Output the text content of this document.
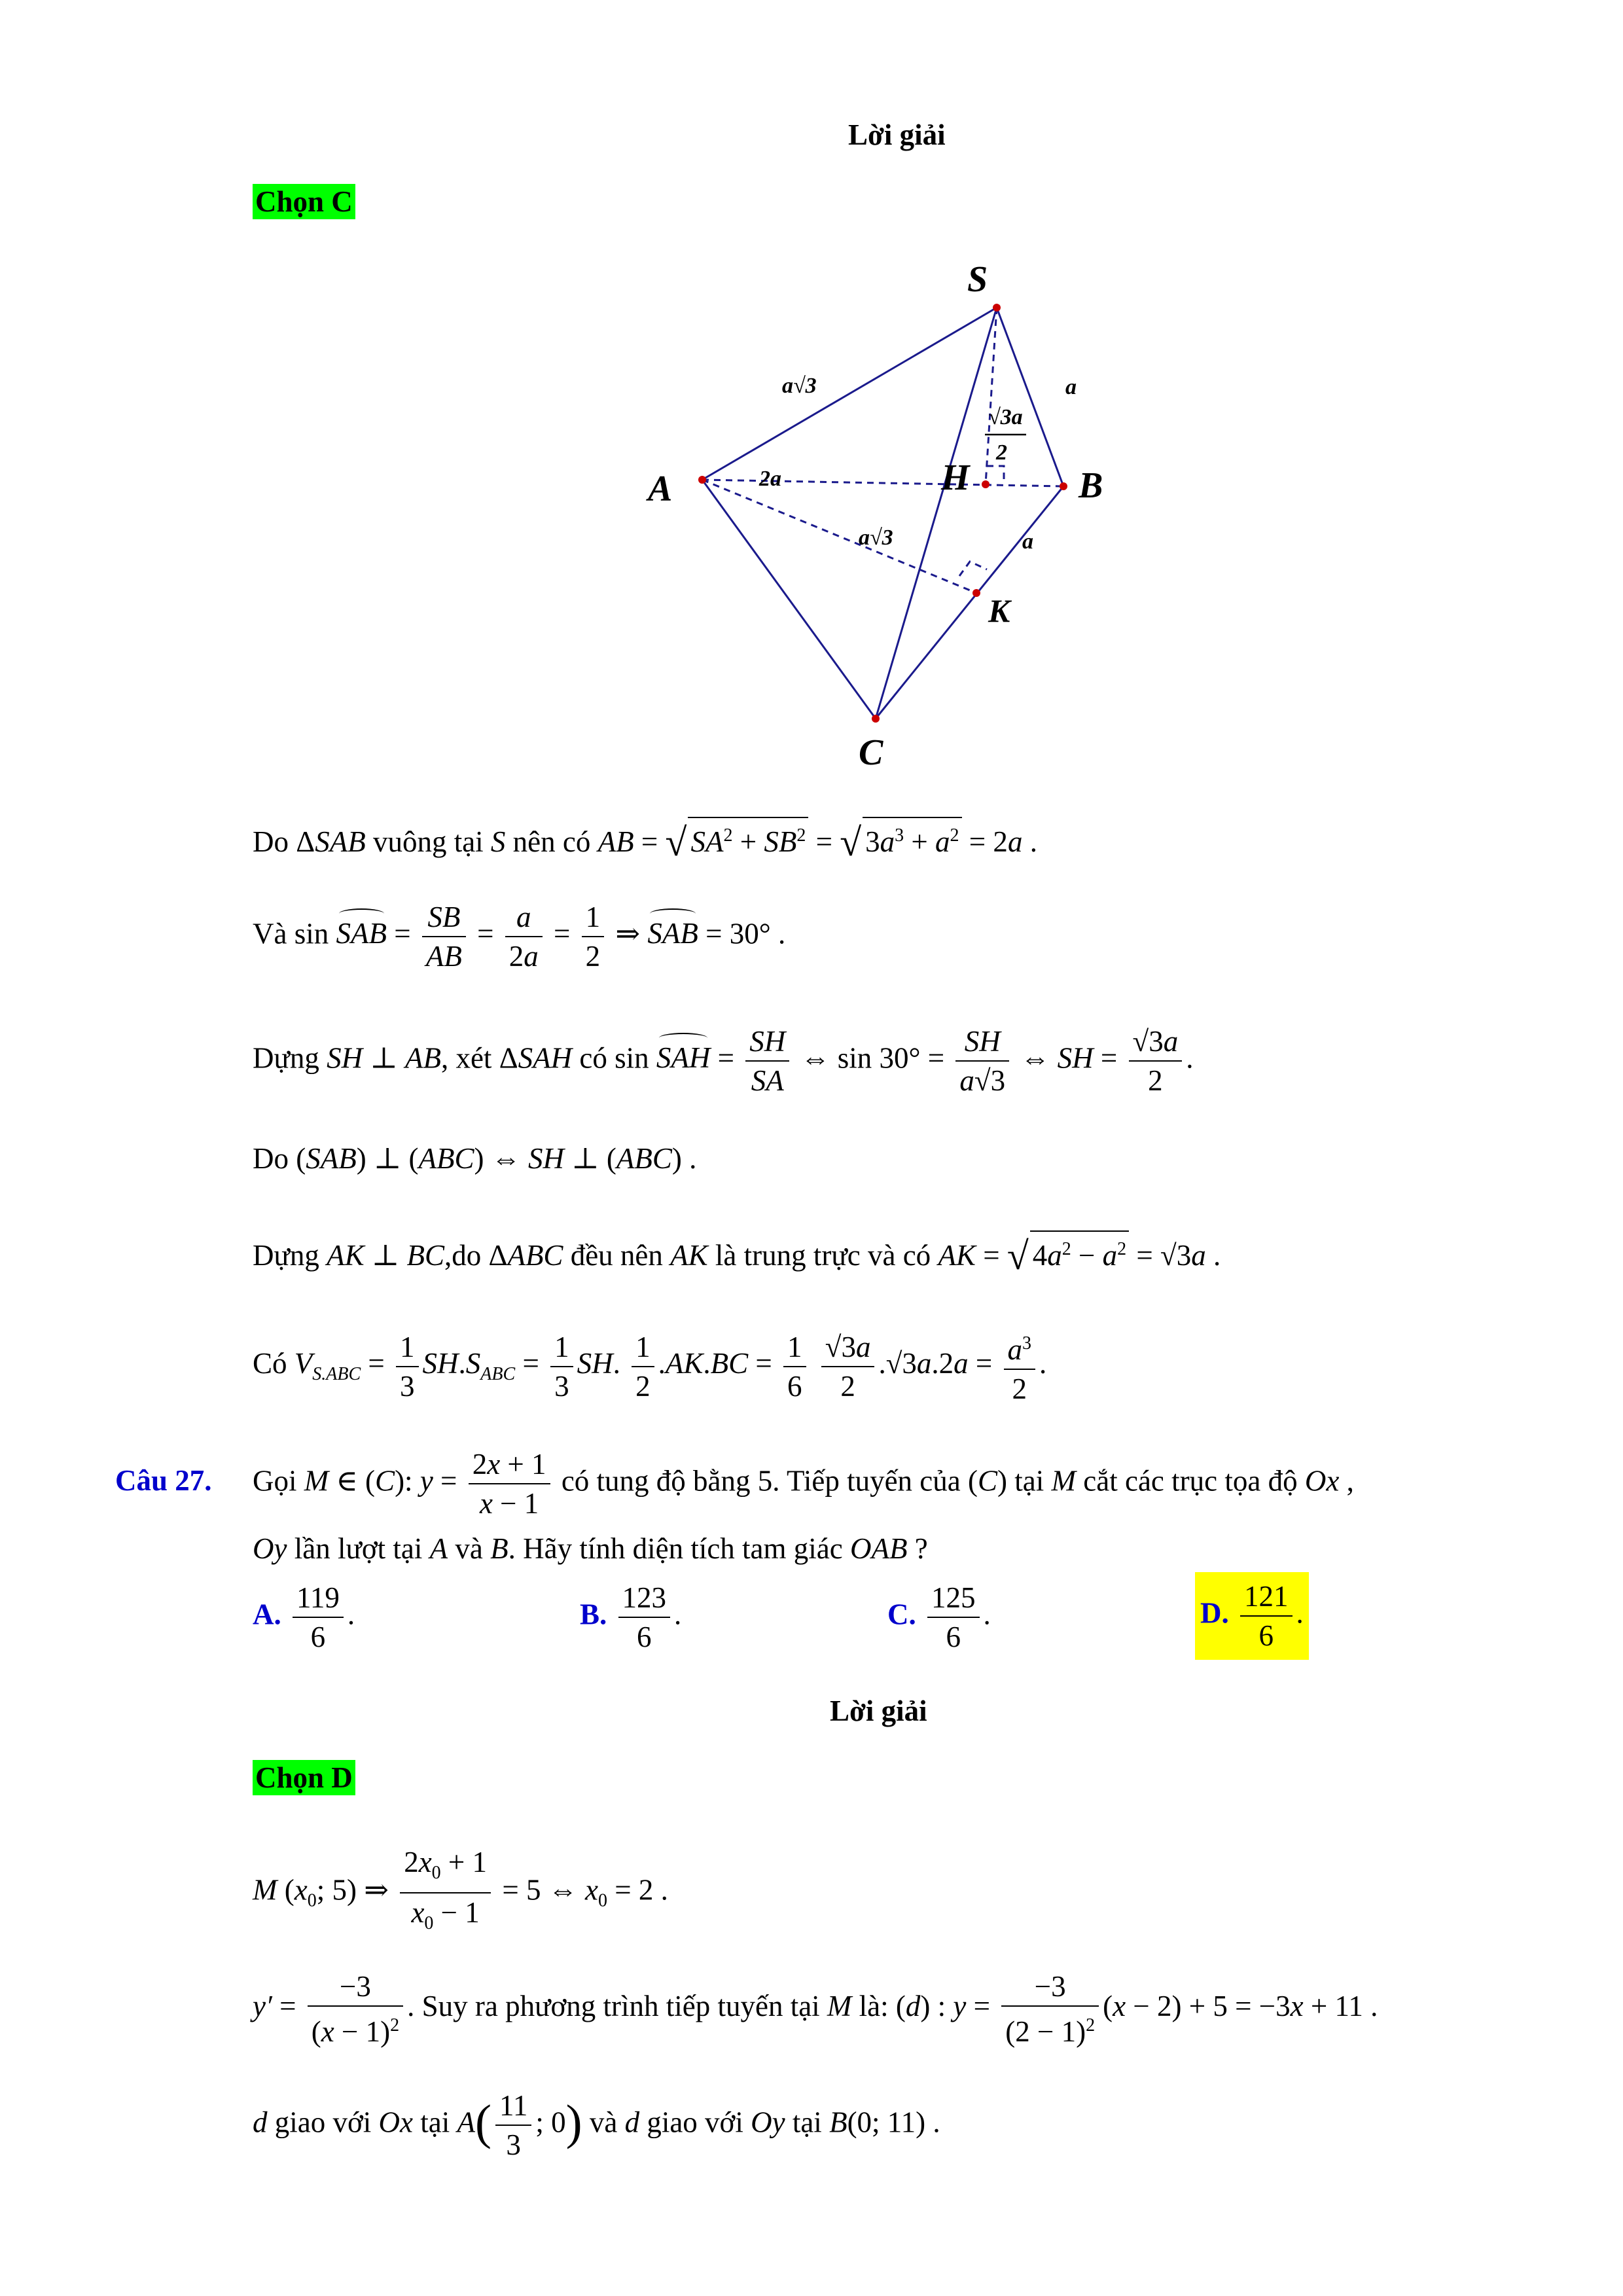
Lời giải
Chọn C
S
A	B
C
H
K
a√3	a
2a
a√3	a
√3a
2
Do ΔSAB vuông tại S nên có AB = √ $SA^2 + SB^2$ = √ $3a^3 + a^2 = 2a$ .
Và sin SAB = $\frac{SB}{AB} = \frac{a}{2a} = \frac{1}{2}$ ⇒ SAB = 30° .
Dựng SH ⊥ AB, xét ΔSAH có sin SAH = $\frac{SH}{SA}$ ⇔ $\sin 30^\circ = \frac{SH}{a√3}$ ⇔ SH = $\frac{√3a}{2}$ .
Do (SAB) ⊥ (ABC) ⇔ SH ⊥ (ABC) .
Dựng AK ⊥ BC,do ΔABC đều nên AK là trung trực và có AK = √ $4a^2 - a^2 = √3a$ .
Có $V_{S.ABC} = \frac{1}{3} SH.S_{ABC} = \frac{1}{3}$ SH. $\frac{1}{2} .AK.BC = \frac{1}{6}$
$\frac{√3a}{2} .√3a.2a = \frac{a^3}{2}$ .
Câu 27. Gọi M ∈ (C): $y = \frac{2x + 1}{x - 1}$ có tung độ bằng 5. Tiếp tuyến của (C) tại M cắt các trục tọa độ Ox ,
Oy lần lượt tại A và B. Hãy tính diện tích tam giác OAB ?
A. $\frac{119}{6}$ .	B. $\frac{123}{6}$ .	C. $\frac{125}{6}$ .	D. $\frac{121}{6}$ .
Lời giải
Chọn D
M ($x_0$; 5) ⇒ $\frac{2x_0 + 1}{x_0 - 1} = 5$ ⇔ $x_0 = 2$ .
$y' = \frac{-3}{(x - 1)^2}$ . Suy ra phương trình tiếp tuyến tại M là: (d) : $y = \frac{-3}{(2 - 1)^2} (x - 2) + 5 = -3x + 11$ .
d giao với Ox tại $A( \frac{11}{3}$ ; 0) và d giao với Oy tại B(0; 11) .
